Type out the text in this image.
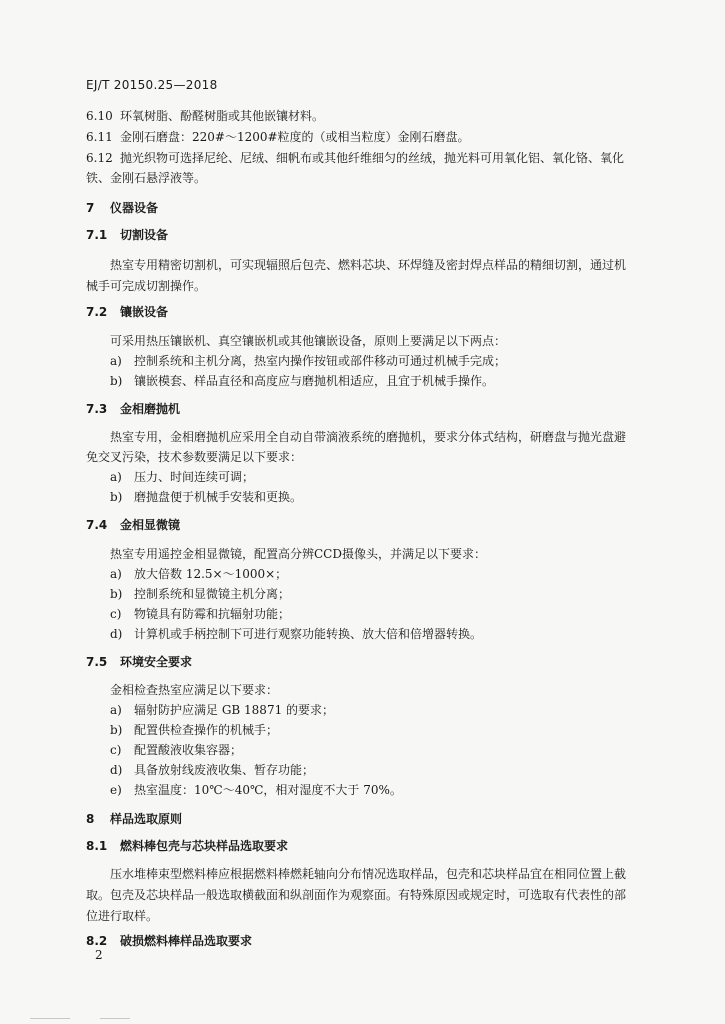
EJ/T 20150.25—2018
6.10 环氧树脂、酚醛树脂或其他嵌镶材料。
6.11 金刚石磨盘：220#～1200#粒度的（或相当粒度）金刚石磨盘。
6.12 抛光织物可选择尼纶、尼绒、细帆布或其他纤维细匀的丝绒，抛光料可用氧化铝、氧化铬、氧化
铁、金刚石悬浮液等。
7 仪器设备
7.1 切割设备
热室专用精密切割机，可实现辐照后包壳、燃料芯块、环焊缝及密封焊点样品的精细切割，通过机
械手可完成切割操作。
7.2 镶嵌设备
可采用热压镶嵌机、真空镶嵌机或其他镶嵌设备，原则上要满足以下两点：
a) 控制系统和主机分离，热室内操作按钮或部件移动可通过机械手完成；
b) 镶嵌模套、样品直径和高度应与磨抛机相适应，且宜于机械手操作。
7.3 金相磨抛机
热室专用，金相磨抛机应采用全自动自带滴液系统的磨抛机，要求分体式结构，研磨盘与抛光盘避
免交叉污染，技术参数要满足以下要求：
a) 压力、时间连续可调；
b) 磨抛盘便于机械手安装和更换。
7.4 金相显微镜
热室专用遥控金相显微镜，配置高分辨CCD摄像头，并满足以下要求：
a) 放大倍数 12.5×～1000×；
b) 控制系统和显微镜主机分离；
c) 物镜具有防霉和抗辐射功能；
d) 计算机或手柄控制下可进行观察功能转换、放大倍和倍增器转换。
7.5 环境安全要求
金相检查热室应满足以下要求：
a) 辐射防护应满足 GB 18871 的要求；
b) 配置供检查操作的机械手；
c) 配置酸液收集容器；
d) 具备放射线废液收集、暂存功能；
e) 热室温度：10℃～40℃，相对湿度不大于 70%。
8 样品选取原则
8.1 燃料棒包壳与芯块样品选取要求
压水堆棒束型燃料棒应根据燃料棒燃耗轴向分布情况选取样品，包壳和芯块样品宜在相同位置上截
取。包壳及芯块样品一般选取横截面和纵剖面作为观察面。有特殊原因或规定时，可选取有代表性的部
位进行取样。
8.2 破损燃料棒样品选取要求
2
